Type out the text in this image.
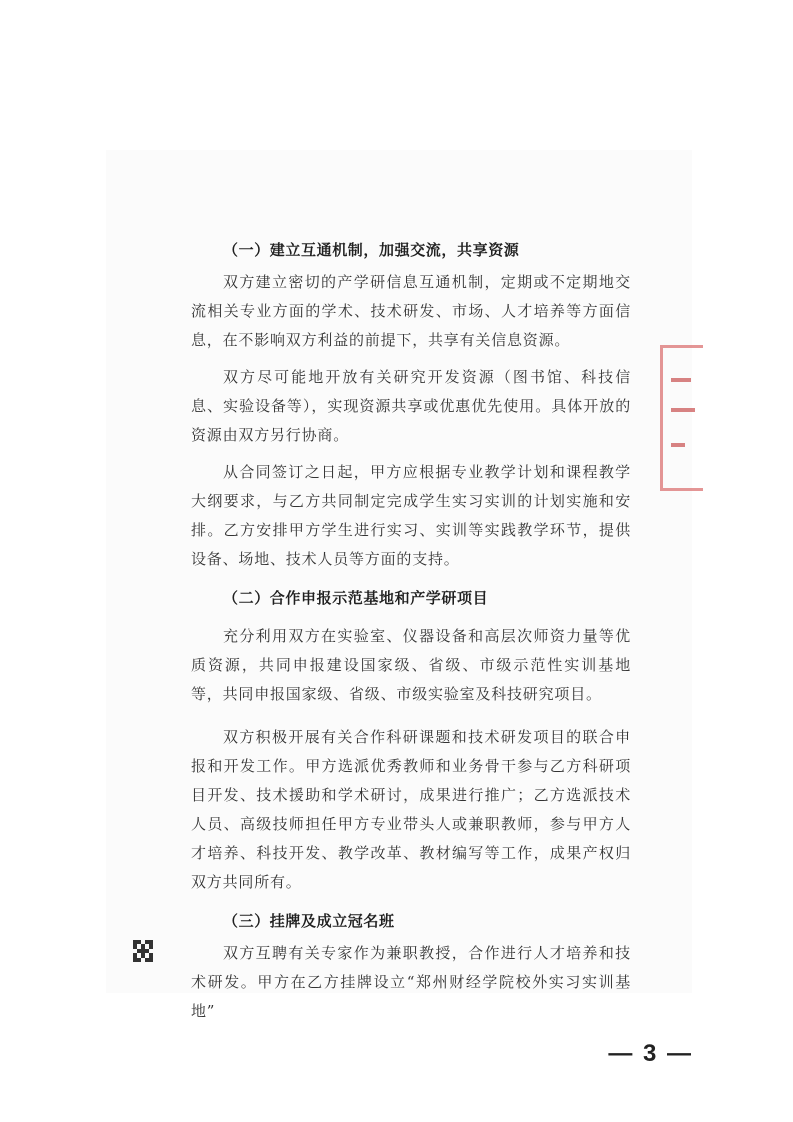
（一）建立互通机制，加强交流，共享资源

双方建立密切的产学研信息互通机制，定期或不定期地交流相关专业方面的学术、技术研发、市场、人才培养等方面信息，在不影响双方利益的前提下，共享有关信息资源。

双方尽可能地开放有关研究开发资源（图书馆、科技信息、实验设备等），实现资源共享或优惠优先使用。具体开放的资源由双方另行协商。

从合同签订之日起，甲方应根据专业教学计划和课程教学大纲要求，与乙方共同制定完成学生实习实训的计划实施和安排。乙方安排甲方学生进行实习、实训等实践教学环节，提供设备、场地、技术人员等方面的支持。

（二）合作申报示范基地和产学研项目

充分利用双方在实验室、仪器设备和高层次师资力量等优质资源，共同申报建设国家级、省级、市级示范性实训基地等，共同申报国家级、省级、市级实验室及科技研究项目。

双方积极开展有关合作科研课题和技术研发项目的联合申报和开发工作。甲方选派优秀教师和业务骨干参与乙方科研项目开发、技术援助和学术研讨，成果进行推广；乙方选派技术人员、高级技师担任甲方专业带头人或兼职教师，参与甲方人才培养、科技开发、教学改革、教材编写等工作，成果产权归双方共同所有。

（三）挂牌及成立冠名班

双方互聘有关专家作为兼职教授，合作进行人才培养和技术研发。甲方在乙方挂牌设立“郑州财经学院校外实习实训基地”

— 3 —
